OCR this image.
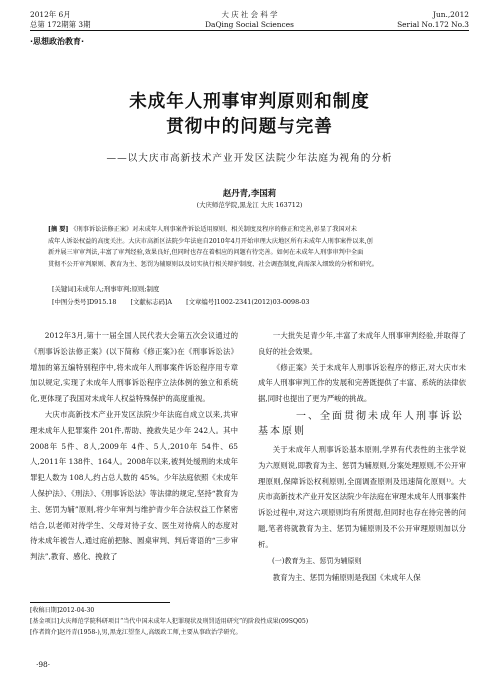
2012年 6月
总第 172期第 3期
大 庆 社 会 科 学
DaQing Social Sciences
Jun.,2012
Serial No.172 No.3
·思想政治教育·
未成年人刑事审判原则和制度
贯彻中的问题与完善
——以大庆市高新技术产业开发区法院少年法庭为视角的分析
赵丹青,李国莉
(大庆师范学院,黑龙江 大庆 163712)
[摘 要] 《刑事诉讼法修正案》对未成年人刑事案件诉讼适用原则、相关制度及程序的修正和完善,彰显了我国对未
成年人诉讼权益的高度关注。大庆市高新区法院少年法庭自2010年4月开始审理大庆地区所有未成年人刑事案件以来,创
新并展三审审判法,丰富了审判经验,效果良好,但同时也存在着相应的问题有待完善。如何在未成年人刑事审判中全面
贯彻不公开审判原则、教育为主、惩罚为辅原则以及切实执行相关辩护制度、社会调查制度,尚需深入细致的分析和研究。
[关键词]未成年人;刑事审判;原则;制度
[中图分类号]D915.18 [文献标志码]A [文章编号]1002-2341(2012)03-0098-03

2012年3月,第十一届全国人民代表大会第五次会议通过的《刑事诉讼法修正案》(以下简称《修正案》)在《刑事诉讼法》增加的第五编特别程序中,将未成年人刑事案件诉讼程序用专章加以规定,实现了未成年人刑事诉讼程序立法体例的独立和系统化,更体现了我国对未成年人权益特殊保护的高度重视。

大庆市高新技术产业开发区法院少年法庭自成立以来,共审理未成年人犯罪案件 201件,帮助、挽救失足少年 242人。其中 2008年 5件、8人,2009年 4件、5人,2010年 54件、65人,2011年 138件、164人。2008年以来,被判处缓刑的未成年罪犯人数为 108人,约占总人数的 45%。少年法庭依照《未成年人保护法》、《刑法》、《刑事诉讼法》等法律的规定,坚持“教育为主、惩罚为辅”原则,将少年审判与维护青少年合法权益工作紧密结合,以老师对待学生、父母对待子女、医生对待病人的态度对待未成年被告人,通过庭前把脉、圆桌审判、判后寄语的“三步审判法”,教育、感化、挽救了

一大批失足青少年,丰富了未成年人刑事审判经验,并取得了良好的社会效果。

《修正案》关于未成年人刑事诉讼程序的修正,对大庆市未成年人刑事审判工作的发展和完善既提供了丰富、系统的法律依据,同时也提出了更为严峻的挑战。

一、全面贯彻未成年人刑事诉讼
基本原则

关于未成年人刑事诉讼基本原则,学界有代表性的主张学说为六原则说,即教育为主、惩罚为辅原则,分案处理原则,不公开审理原则,保障诉讼权利原则,全面调查原则及迅速简化原则¹⁾。大庆市高新技术产业开发区法院少年法庭在审理未成年人刑事案件诉讼过程中,对这六项原则均有所贯彻,但同时也存在待完善的问题,笔者将就教育为主、惩罚为辅原则及不公开审理原则加以分析。

(一)教育为主、惩罚为辅原则

教育为主、惩罚为辅原则是我国《未成年人保

[收稿日期]2012-04-30
[基金项目]大庆师范学院科研项目“当代中国未成年人犯罪现状及刑罚适用研究”的阶段性成果(09SQ05)
[作者简介]赵丹青(1958-),男,黑龙江望奎人,高级政工师,主要从事政治学研究。
·98·
